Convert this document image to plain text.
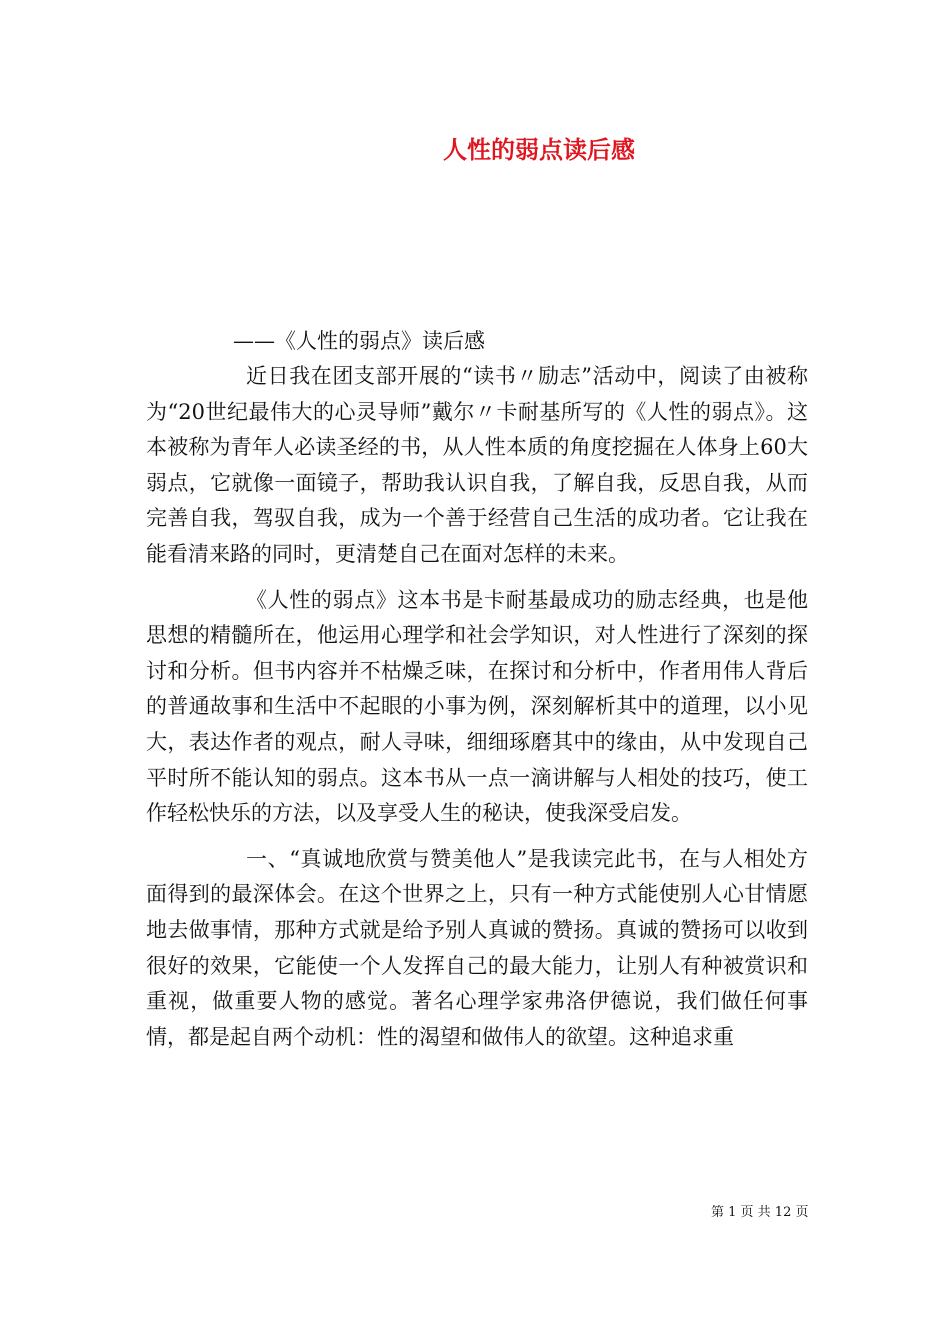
人性的弱点读后感
——《人性的弱点》读后感

近日我在团支部开展的“读书〃励志”活动中，阅读了由被称为“20世纪最伟大的心灵导师”戴尔〃卡耐基所写的《人性的弱点》。这本被称为青年人必读圣经的书，从人性本质的角度挖掘在人体身上60大弱点，它就像一面镜子，帮助我认识自我，了解自我，反思自我，从而完善自我，驾驭自我，成为一个善于经营自己生活的成功者。它让我在能看清来路的同时，更清楚自己在面对怎样的未来。

《人性的弱点》这本书是卡耐基最成功的励志经典，也是他思想的精髓所在，他运用心理学和社会学知识，对人性进行了深刻的探讨和分析。但书内容并不枯燥乏味，在探讨和分析中，作者用伟人背后的普通故事和生活中不起眼的小事为例，深刻解析其中的道理，以小见大，表达作者的观点，耐人寻味，细细琢磨其中的缘由，从中发现自己平时所不能认知的弱点。这本书从一点一滴讲解与人相处的技巧，使工作轻松快乐的方法，以及享受人生的秘诀，使我深受启发。

一、“真诚地欣赏与赞美他人”是我读完此书，在与人相处方面得到的最深体会。在这个世界之上，只有一种方式能使别人心甘情愿地去做事情，那种方式就是给予别人真诚的赞扬。真诚的赞扬可以收到很好的效果，它能使一个人发挥自己的最大能力，让别人有种被赏识和重视，做重要人物的感觉。著名心理学家弗洛伊德说，我们做任何事情，都是起自两个动机：性的渴望和做伟人的欲望。这种追求重

第 1 页 共 12 页
